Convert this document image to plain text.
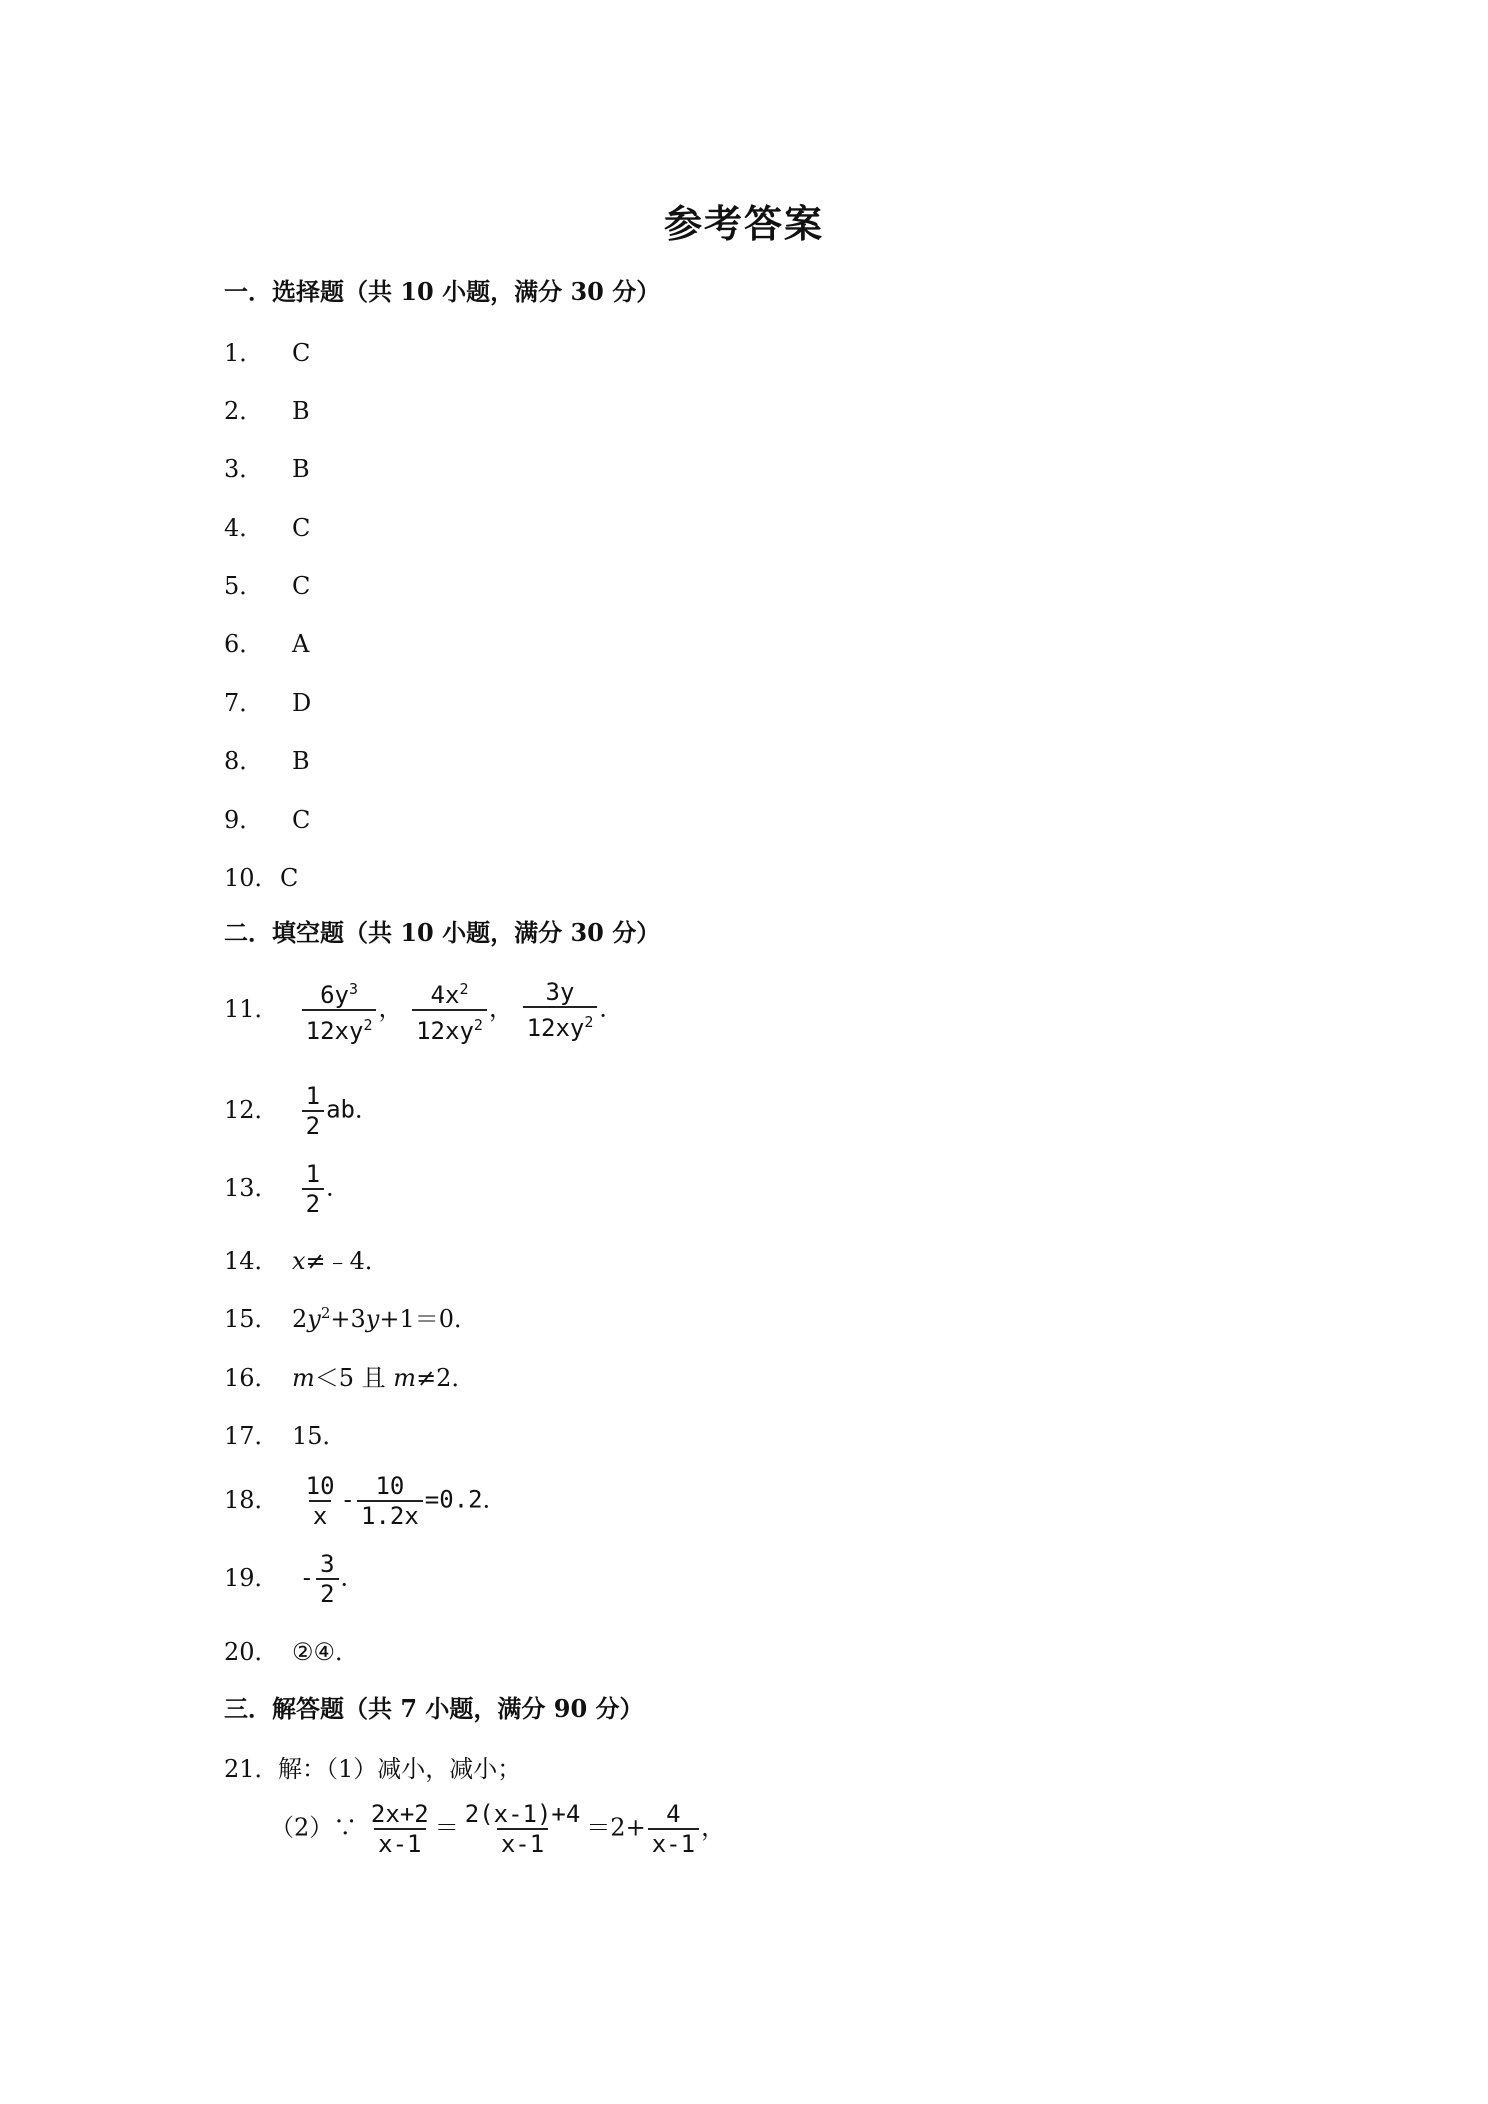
参考答案
一．选择题（共 10 小题，满分 30 分）
1． C
2． B
3． B
4． C
5． C
6． A
7． D
8． B
9． C
10．C
二．填空题（共 10 小题，满分 30 分）
11． $\frac{6y^3}{12xy^2}$ ， $\frac{4x^2}{12xy^2}$ ， $\frac{3y}{12xy^2}$ ．
12． $\frac{1}{2}$ ab．
13． $\frac{1}{2}$ ．
14． x≠﹣4．
15． $2y^2+3y+1=0$．
16． m＜5 且 m≠2．
17． 15．
18． $\frac{10}{x} - \frac{10}{1.2x} =0.2$．
19． - $\frac{3}{2}$ ．
20． ②④．
三．解答题（共 7 小题，满分 90 分）
21．解：（1）减小，减小；
（2）∵ $\frac{2x+2}{x-1} = \frac{2(x-1)+4}{x-1} =2+ \frac{4}{x-1}$ ，
